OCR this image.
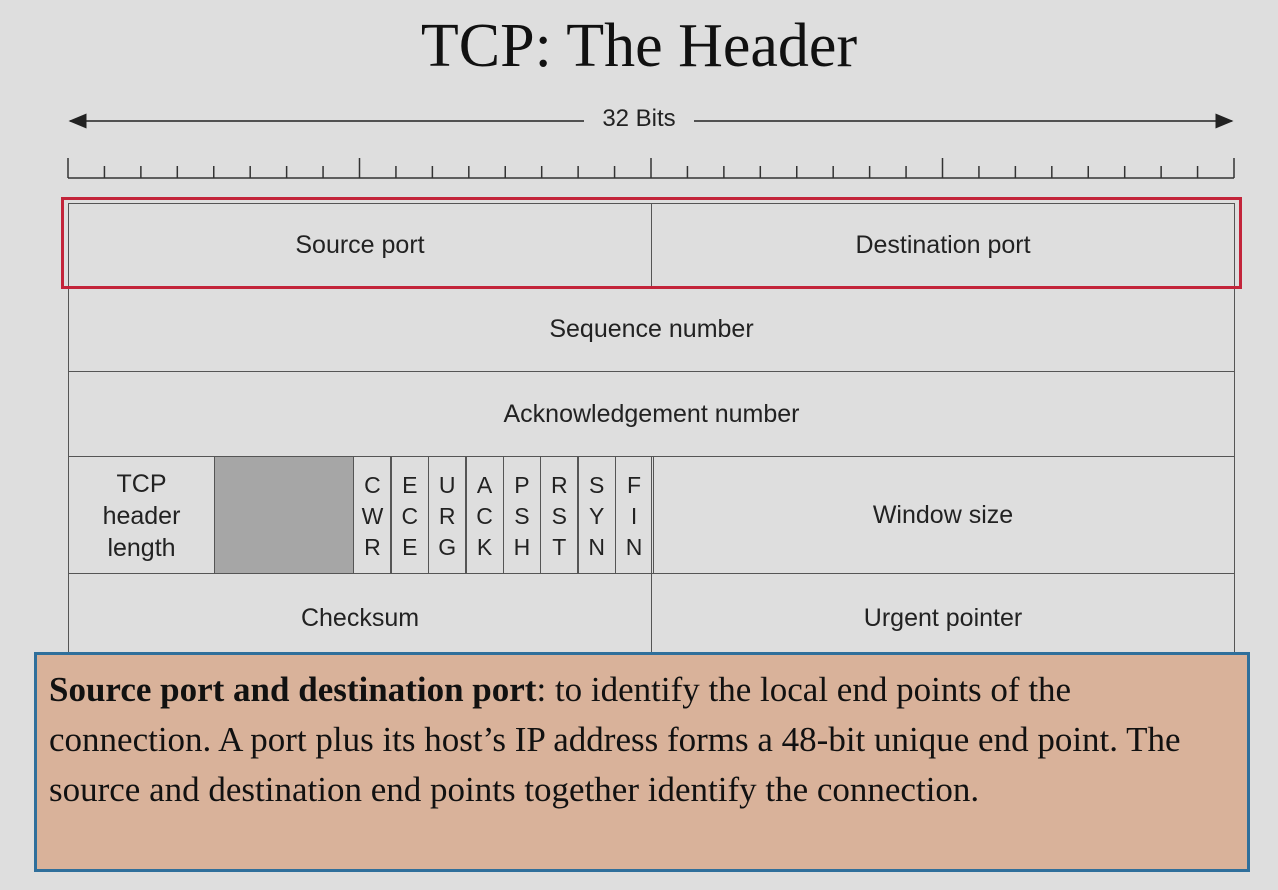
TCP: The Header
32 Bits
Source port	Destination port
Sequence number
Acknowledgement number
TCP
header
length
C
W
R
E
C
E
U
R
G
A
C
K
P
S
H
R
S
T
S
Y
N
F
I
N
Window size
Checksum	Urgent pointer
Source port and destination port: to identify the local end points of the connection. A port plus its host’s IP address forms a 48-bit unique end point. The source and destination end points together identify the connection.
